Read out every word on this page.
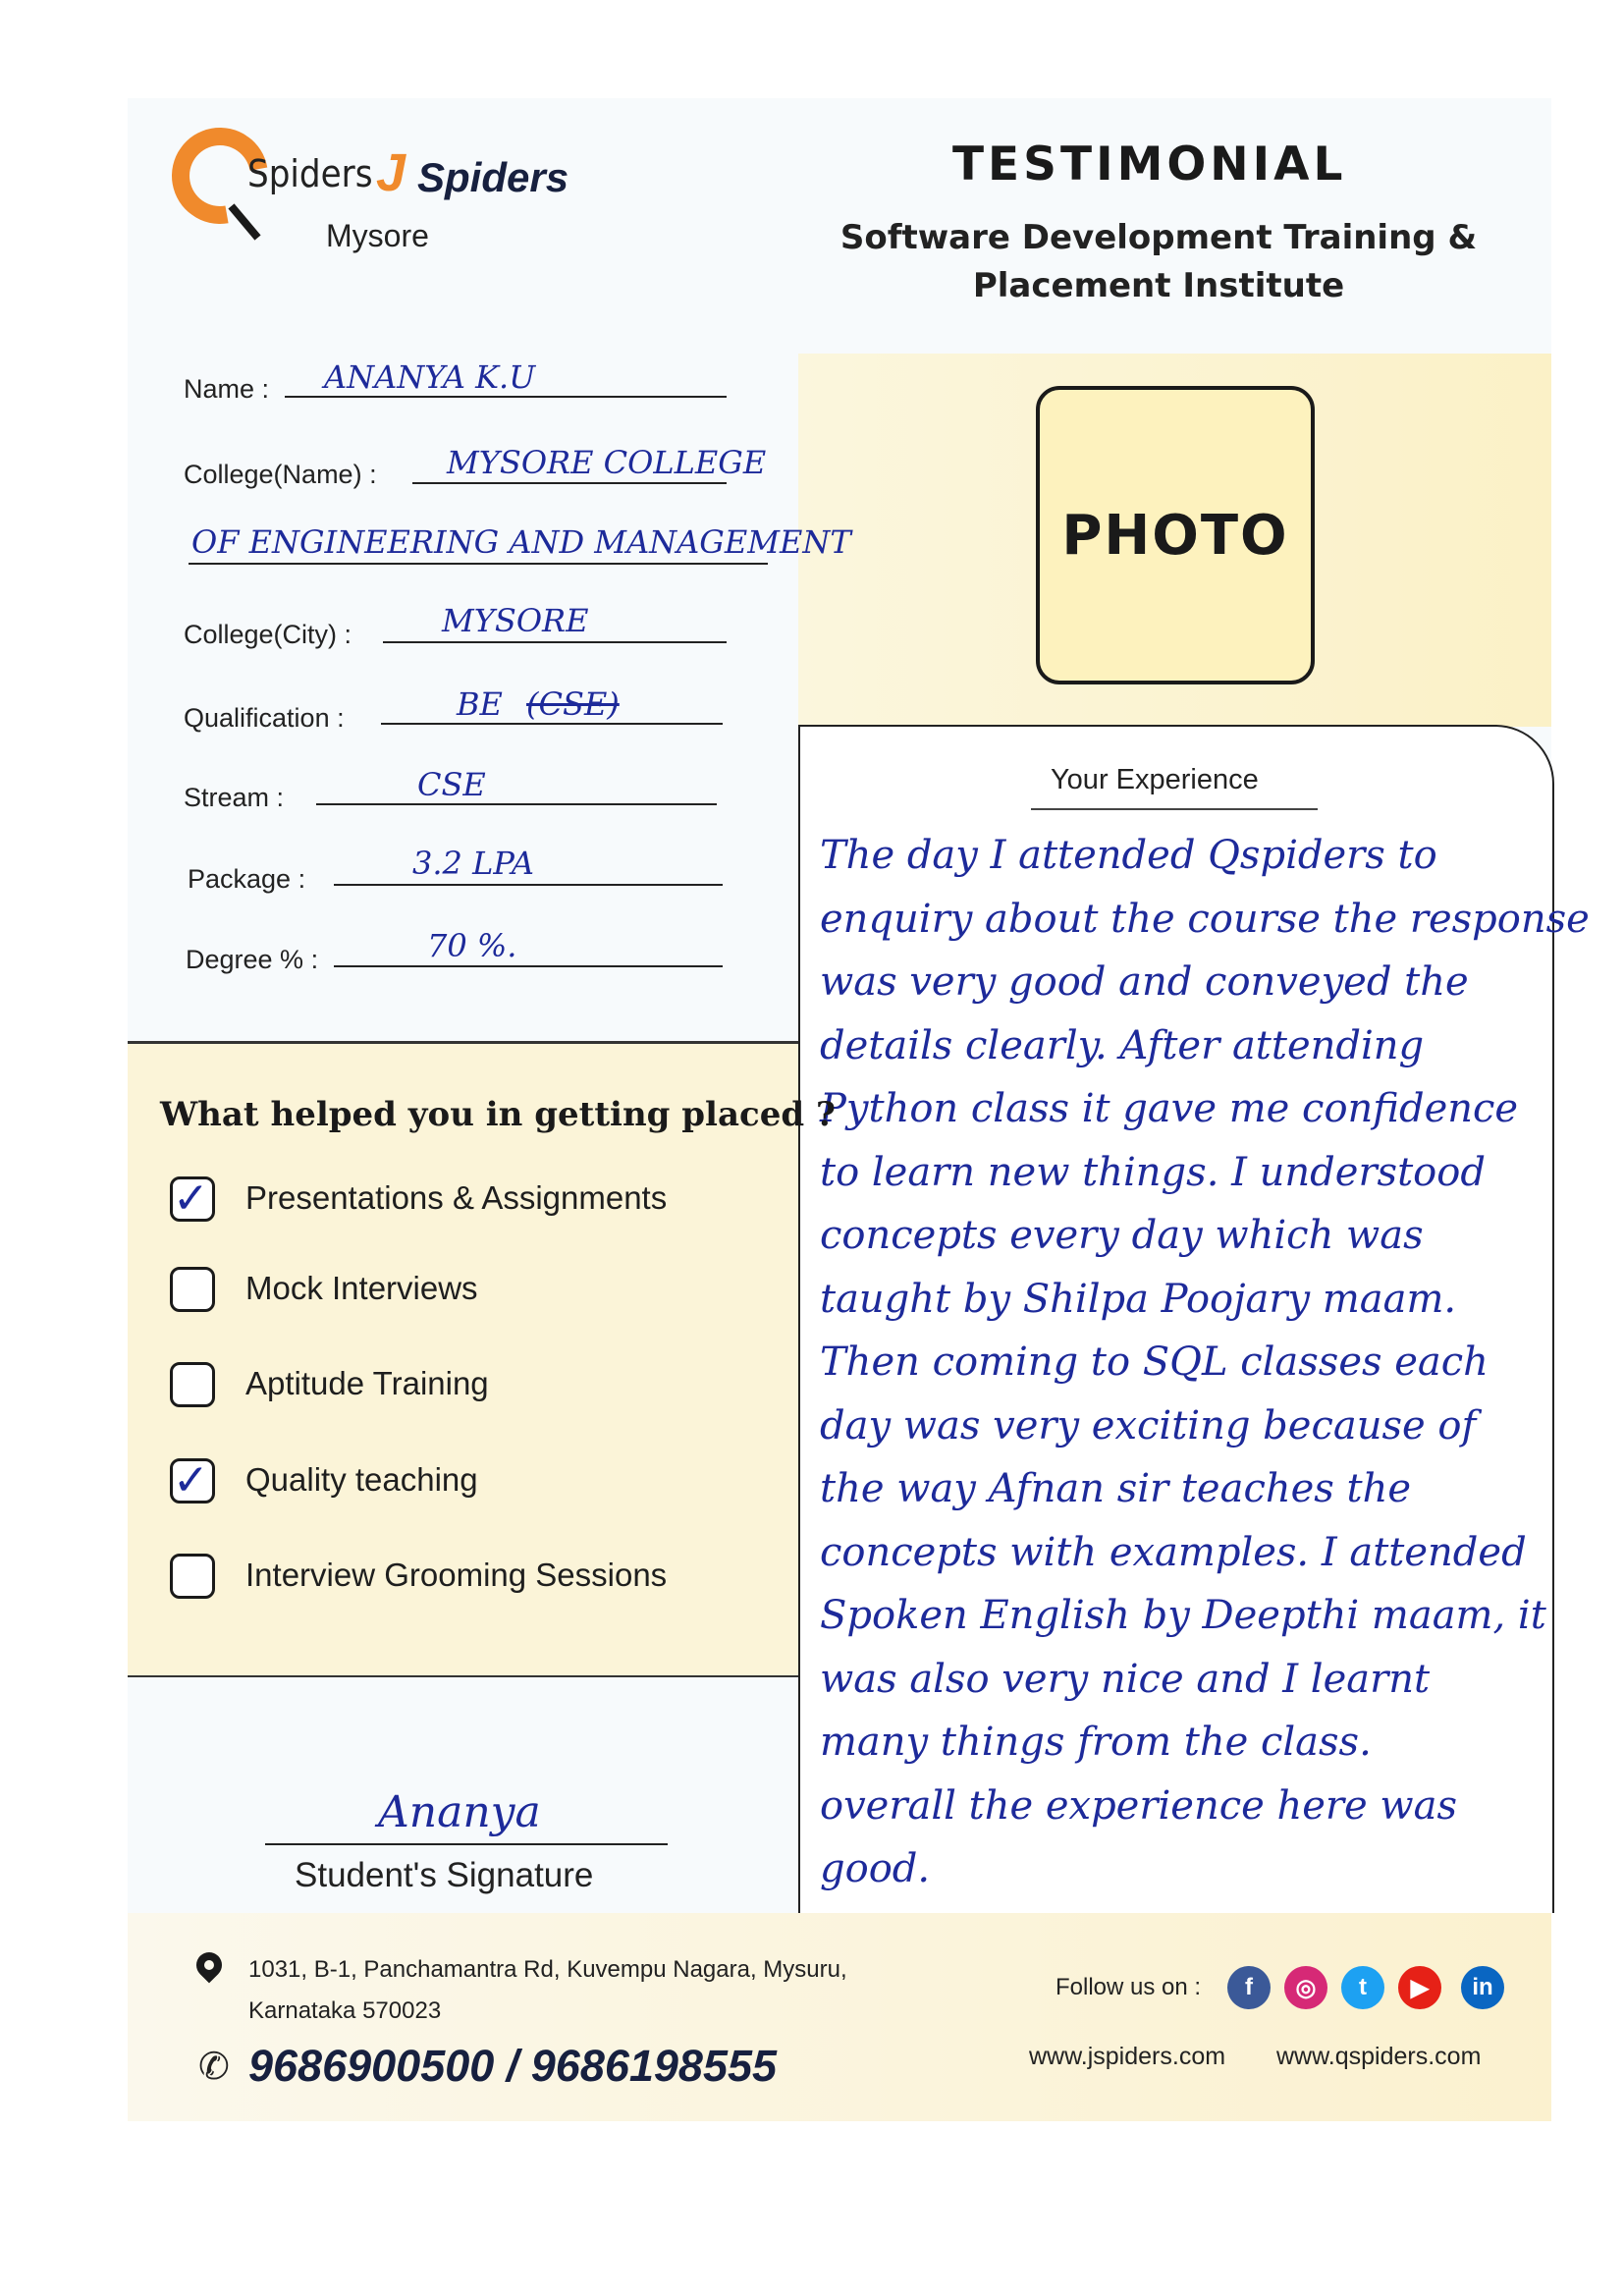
Spiders J Spiders
Mysore
TESTIMONIAL
Software Development Training &
Placement Institute
PHOTO
Name : ANANYA K.U
College(Name) : MYSORE COLLEGE
OF ENGINEERING AND MANAGEMENT
College(City) :	MYSORE
Qualification :	BE (CSE)
Stream :	CSE
Package :	3.2 LPA
Degree % :	70 %.
Your Experience
The day I attended Qspiders to
enquiry about the course the response
was very good and conveyed the
details clearly. After attending
Python class it gave me confidence
to learn new things. I understood
concepts every day which was
taught by Shilpa Poojary maam.
Then coming to SQL classes each
day was very exciting because of
the way Afnan sir teaches the
concepts with examples. I attended
Spoken English by Deepthi maam, it
was also very nice and I learnt
many things from the class.
overall the experience here was
good.
What helped you in getting placed ?
✓ Presentations & Assignments
Mock Interviews
Aptitude Training
✓ Quality teaching
Interview Grooming Sessions
Ananya
Student's Signature
1031, B-1, Panchamantra Rd, Kuvempu Nagara, Mysuru,
Karnataka 570023
✆ 9686900500 / 9686198555
Follow us on :	f	◎	t	▶	in
www.jspiders.com www.qspiders.com
